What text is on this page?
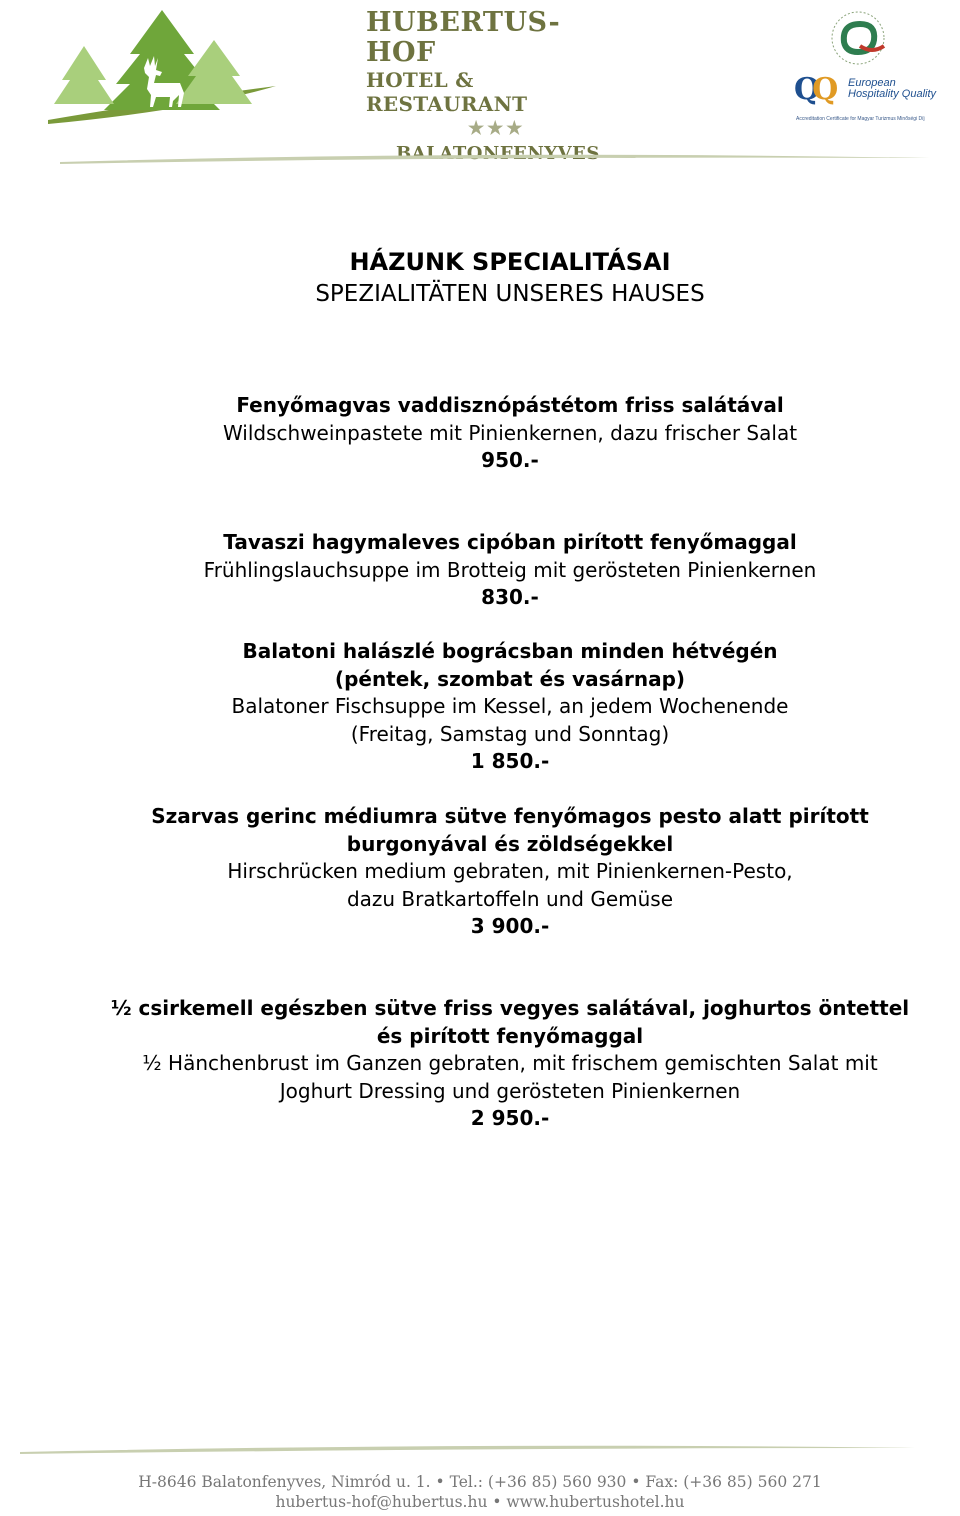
HUBERTUS-HOF
HOTEL & RESTAURANT
★★★
BALATONFENYVES
QQ European Hospitality Quality
Accreditation Certificate for Magyar Turizmus Minőségi Díj
HÁZUNK SPECIALITÁSAI
SPEZIALITÄTEN UNSERES HAUSES

Fenyőmagvas vaddisznópástétom friss salátával

Wildschweinpastete mit Pinienkernen, dazu frischer Salat

950.-

Tavaszi hagymaleves cipóban pirított fenyőmaggal

Frühlingslauchsuppe im Brotteig mit gerösteten Pinienkernen

830.-

Balatoni halászlé bográcsban minden hétvégén

(péntek, szombat és vasárnap)

Balatoner Fischsuppe im Kessel, an jedem Wochenende

(Freitag, Samstag und Sonntag)

1 850.-

Szarvas gerinc médiumra sütve fenyőmagos pesto alatt pirított

burgonyával és zöldségekkel

Hirschrücken medium gebraten, mit Pinienkernen-Pesto,

dazu Bratkartoffeln und Gemüse

3 900.-

½ csirkemell egészben sütve friss vegyes salátával, joghurtos öntettel

és pirított fenyőmaggal

½ Hänchenbrust im Ganzen gebraten, mit frischem gemischten Salat mit

Joghurt Dressing und gerösteten Pinienkernen

2 950.-

H-8646 Balatonfenyves, Nimród u. 1. • Tel.: (+36 85) 560 930 • Fax: (+36 85) 560 271
hubertus-hof@hubertus.hu • www.hubertushotel.hu
